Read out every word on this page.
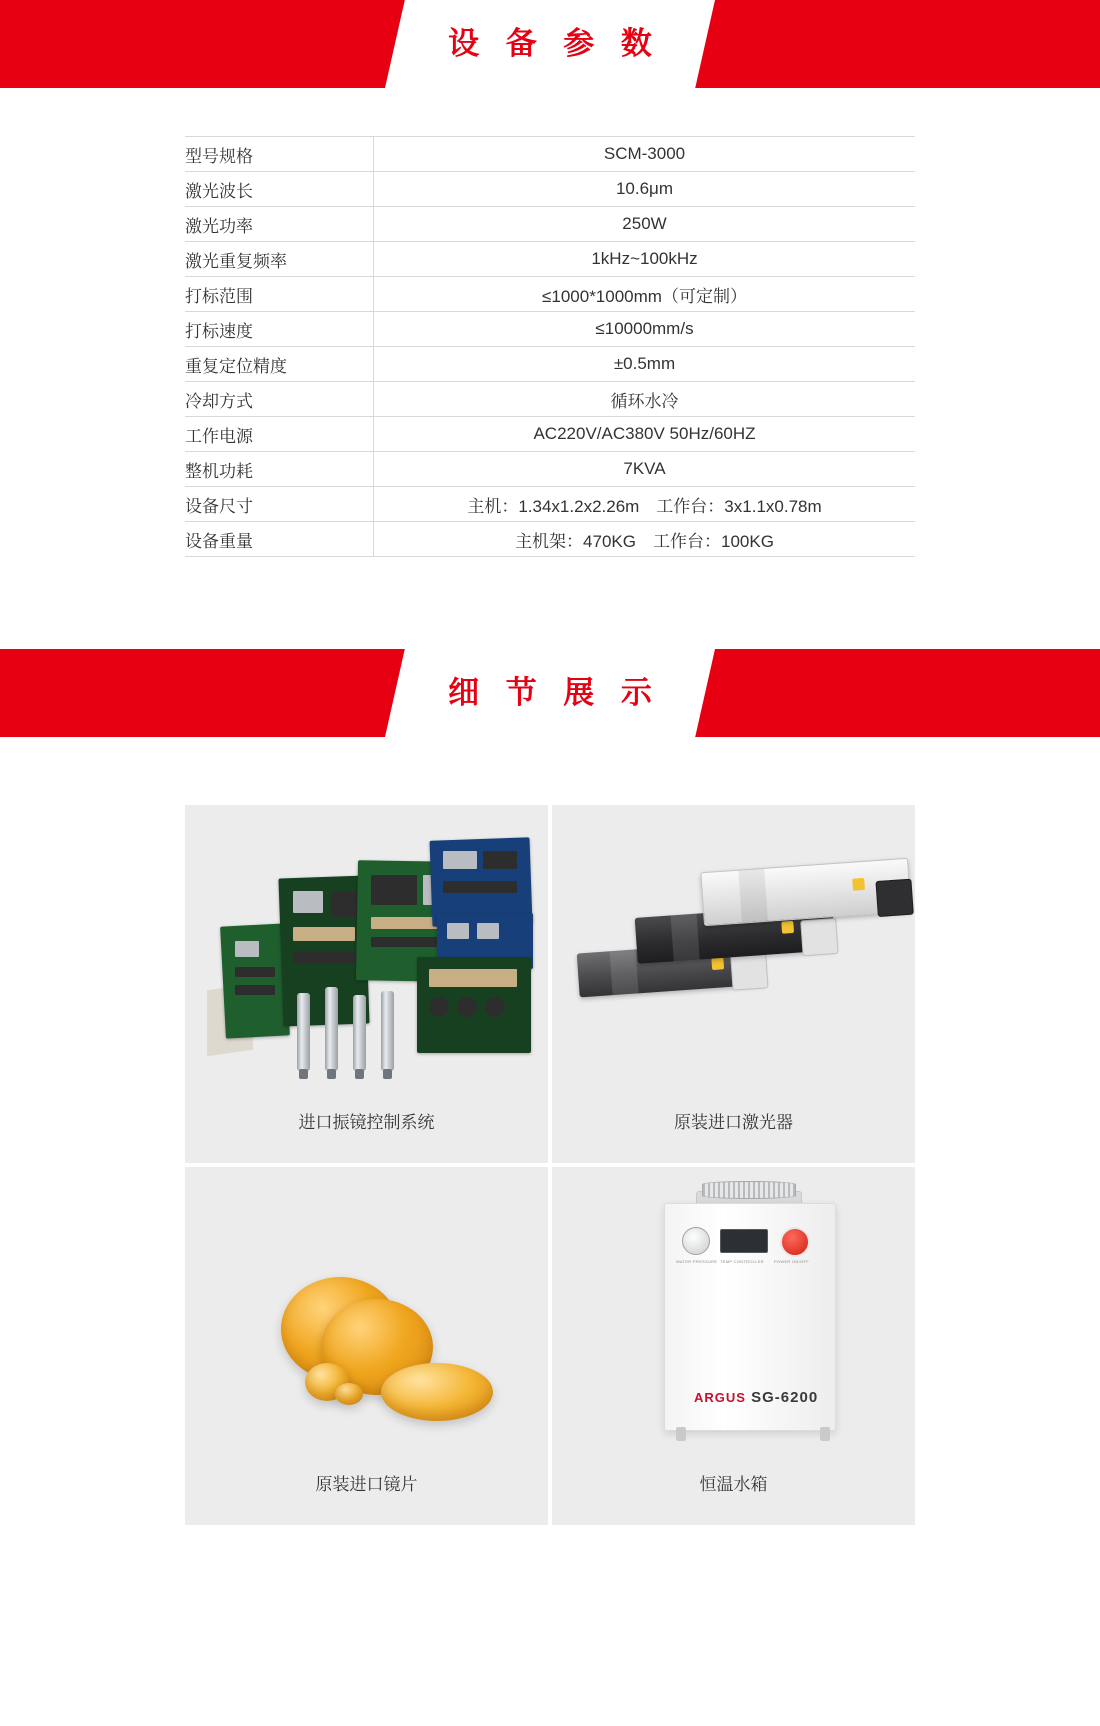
设 备 参 数
型号规格	SCM-3000
激光波长	10.6μm
激光功率	250W
激光重复频率	1kHz~100kHz
打标范围	≤1000*1000mm（可定制）
打标速度	≤10000mm/s
重复定位精度	±0.5mm
冷却方式	循环水冷
工作电源	AC220V/AC380V 50Hz/60HZ
整机功耗	7KVA
设备尺寸	主机：1.34x1.2x2.26m　工作台：3x1.1x0.78m
设备重量	主机架：470KG　工作台：100KG
细 节 展 示
进口振镜控制系统	原装进口激光器
原装进口镜片
WATER PRESSURE TEMP CONTROLLER	POWER ON/OFF
ARGUS SG-6200
恒温水箱
